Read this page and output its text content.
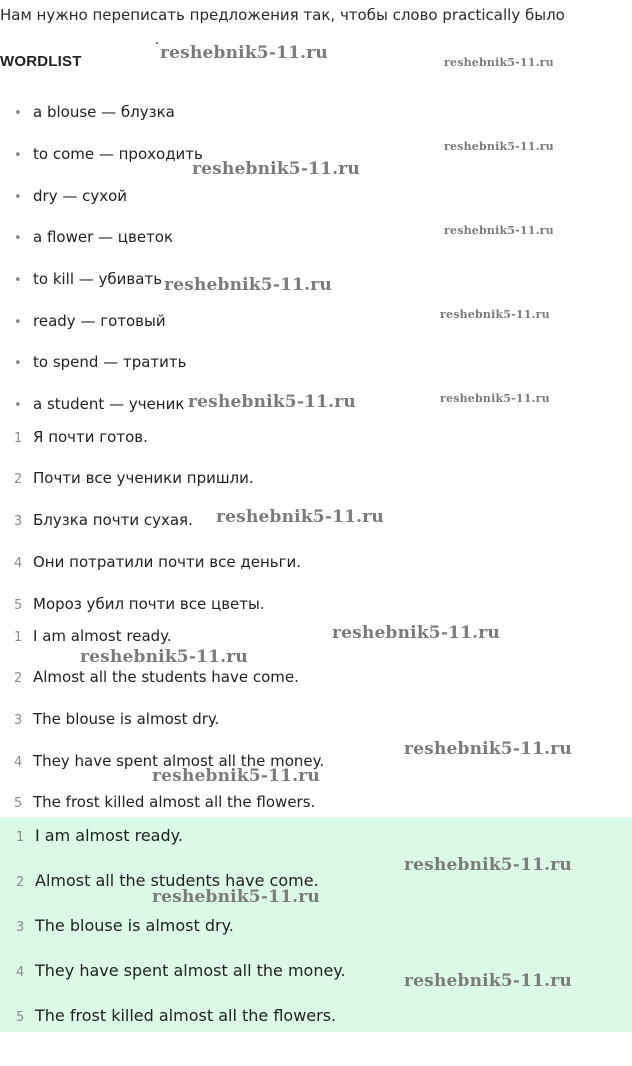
Нам нужно переписать предложения так, чтобы слово practically было
WORDLIST
• a blouse — блузка
• to come — проходить
• dry — сухой
• a flower — цветок
• to kill — убивать
• ready — готовый
• to spend — тратить
• a student — ученик
1 Я почти готов.
2 Почти все ученики пришли.
3 Блузка почти сухая.
4 Они потратили почти все деньги.
5 Мороз убил почти все цветы.
1 I am almost ready.
2 Almost all the students have come.
3 The blouse is almost dry.
4 They have spent almost all the money.
5 The frost killed almost all the flowers.
1 I am almost ready.
2 Almost all the students have come.
3 The blouse is almost dry.
4 They have spent almost all the money.
5 The frost killed almost all the flowers.
reshebnik5-11.ru	reshebnik5-11.ru
reshebnik5-11.ru
reshebnik5-11.ru
reshebnik5-11.ru
reshebnik5-11.ru
reshebnik5-11.ru
reshebnik5-11.ru
reshebnik5-11.ru
reshebnik5-11.ru
reshebnik5-11.ru
reshebnik5-11.ru
reshebnik5-11.ru
reshebnik5-11.ru
reshebnik5-11.ru
reshebnik5-11.ru
reshebnik5-11.ru
